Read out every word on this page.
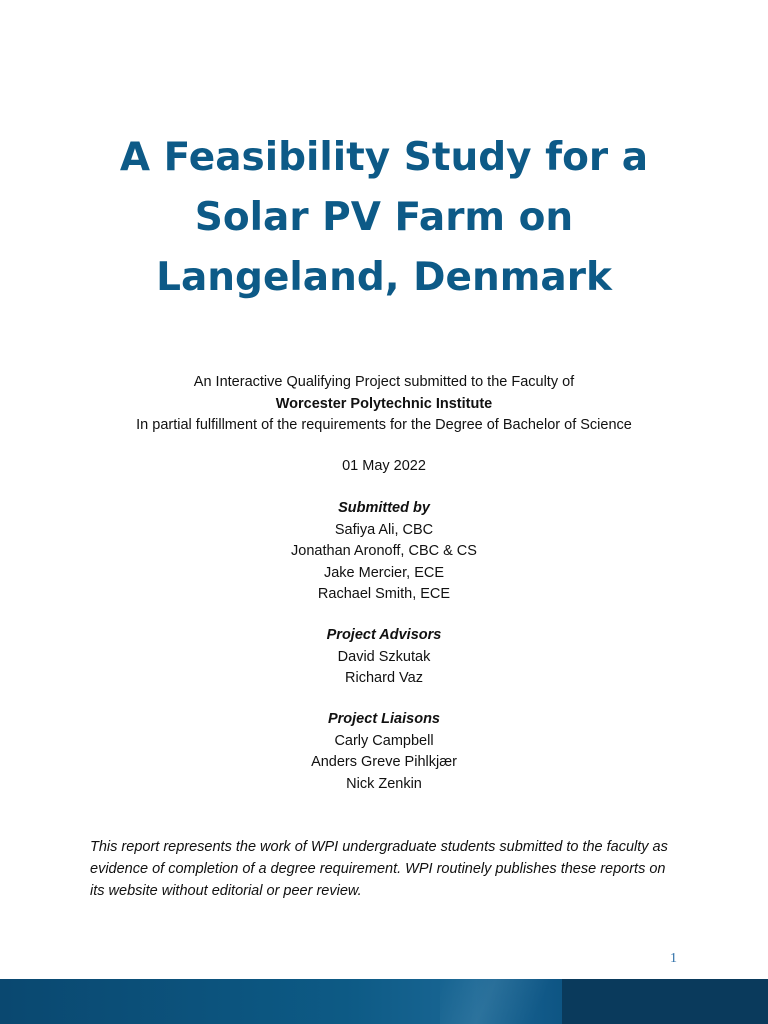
A Feasibility Study for a
Solar PV Farm on
Langeland, Denmark
An Interactive Qualifying Project submitted to the Faculty of
Worcester Polytechnic Institute
In partial fulfillment of the requirements for the Degree of Bachelor of Science
01 May 2022
Submitted by
Safiya Ali, CBC
Jonathan Aronoff, CBC & CS
Jake Mercier, ECE
Rachael Smith, ECE
Project Advisors
David Szkutak
Richard Vaz
Project Liaisons
Carly Campbell
Anders Greve Pihlkjær
Nick Zenkin
This report represents the work of WPI undergraduate students submitted to the faculty as evidence of completion of a degree requirement. WPI routinely publishes these reports on its website without editorial or peer review.
1
